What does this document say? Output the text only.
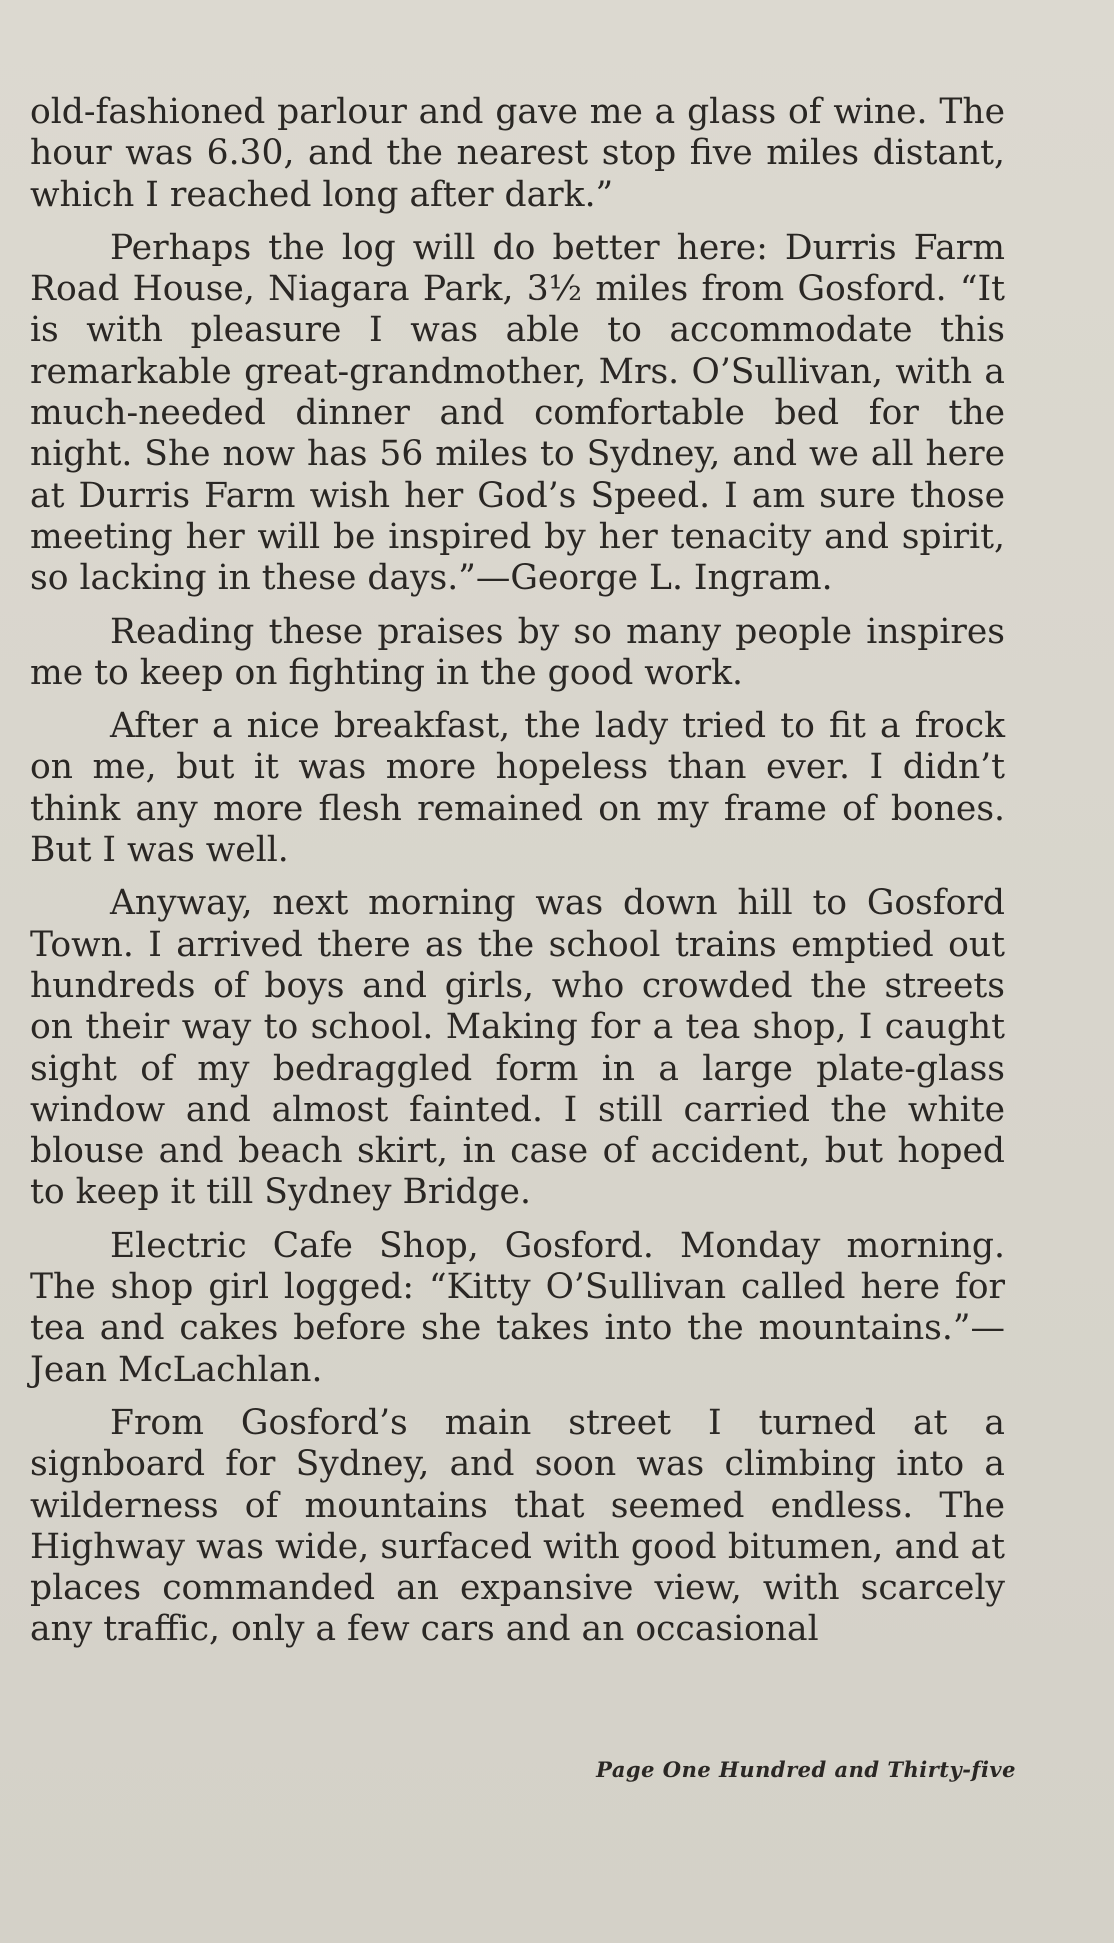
old-fashioned parlour and gave me a glass of wine. The hour was 6.30, and the nearest stop five miles distant, which I reached long after dark.”

Perhaps the log will do better here: Durris Farm Road House, Niagara Park, 3½ miles from Gosford. “It is with pleasure I was able to accommodate this remarkable great-grandmother, Mrs. O’Sullivan, with a much-needed dinner and comfortable bed for the night. She now has 56 miles to Sydney, and we all here at Durris Farm wish her God’s Speed. I am sure those meeting her will be inspired by her tenacity and spirit, so lacking in these days.”—George L. Ingram.

Reading these praises by so many people inspires me to keep on fighting in the good work.

After a nice breakfast, the lady tried to fit a frock on me, but it was more hopeless than ever. I didn’t think any more flesh remained on my frame of bones. But I was well.

Anyway, next morning was down hill to Gosford Town. I arrived there as the school trains emptied out hundreds of boys and girls, who crowded the streets on their way to school. Making for a tea shop, I caught sight of my bedraggled form in a large plate-glass window and almost fainted. I still carried the white blouse and beach skirt, in case of accident, but hoped to keep it till Sydney Bridge.

Electric Cafe Shop, Gosford. Monday morning. The shop girl logged: “Kitty O’Sullivan called here for tea and cakes before she takes into the mountains.”—Jean McLachlan.

From Gosford’s main street I turned at a signboard for Sydney, and soon was climbing into a wilderness of mountains that seemed endless. The Highway was wide, surfaced with good bitumen, and at places commanded an expansive view, with scarcely any traffic, only a few cars and an occasional

Page One Hundred and Thirty-five
